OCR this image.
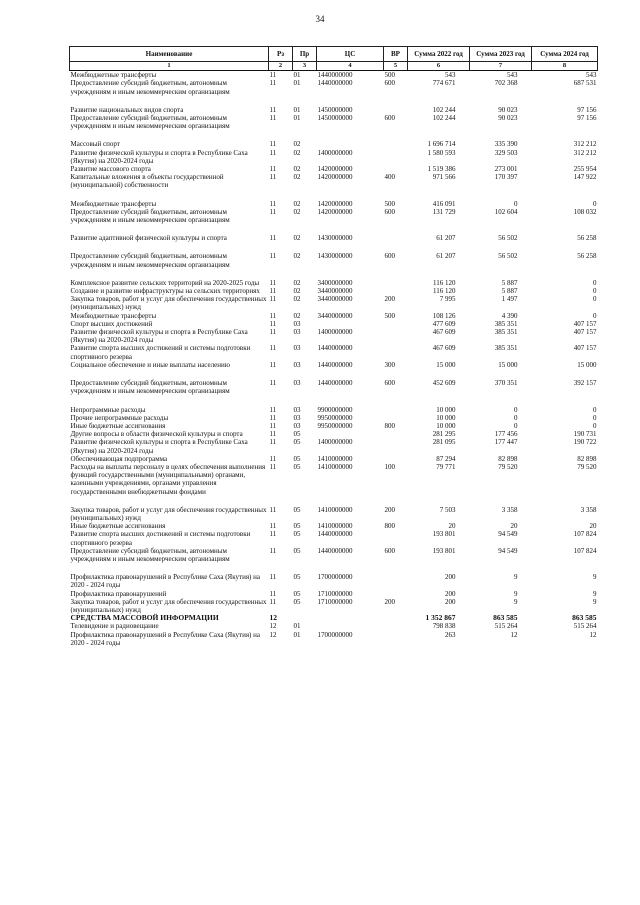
34
Наименование	Рз	Пр	ЦС	ВР	Сумма 2022 год	Сумма 2023 год	Сумма 2024 год
1	2	3	4	5	6	7	8
Межбюджетные трансферты	11	01	1440000000	500	543	543	543
Предоставление субсидий бюджетным, автономным учреждениям и иным некоммерческим организациям	11	01	1440000000	600	774 671	702 368	687 531

Развитие национальных видов спорта	11	01	1450000000		102 244	90 023	97 156
Предоставление субсидий бюджетным, автономным учреждениям и иным некоммерческим организациям	11	01	1450000000	600	102 244	90 023	97 156

Массовый спорт	11	02			1 696 714	335 390	312 212
Развитие физической культуры и спорта в Республике Саха (Якутия) на 2020-2024 годы	11	02	1400000000		1 580 593	329 503	312 212
Развитие массового спорта	11	02	1420000000		1 519 386	273 001	255 954
Капитальные вложения в объекты государственной (муниципальной) собственности	11	02	1420000000	400	971 566	170 397	147 922

Межбюджетные трансферты	11	02	1420000000	500	416 091	0	0
Предоставление субсидий бюджетным, автономным учреждениям и иным некоммерческим организациям	11	02	1420000000	600	131 729	102 604	108 032

Развитие адаптивной физической культуры и спорта	11	02	1430000000		61 207	56 502	56 258

Предоставление субсидий бюджетным, автономным учреждениям и иным некоммерческим организациям	11	02	1430000000	600	61 207	56 502	56 258

Комплексное развитие сельских территорий на 2020-2025 годы	11	02	3400000000		116 120	5 887	0
Создание и развитие инфраструктуры на сельских территориях	11	02	3440000000		116 120	5 887	0
Закупка товаров, работ и услуг для обеспечения государственных (муниципальных) нужд	11	02	3440000000	200	7 995	1 497	0
Межбюджетные трансферты	11	02	3440000000	500	108 126	4 390	0
Спорт высших достижений	11	03			477 609	385 351	407 157
Развитие физической культуры и спорта в Республике Саха (Якутия) на 2020-2024 годы	11	03	1400000000		467 609	385 351	407 157
Развитие спорта высших достижений и системы подготовки спортивного резерва	11	03	1440000000		467 609	385 351	407 157
Социальное обеспечение и иные выплаты населению	11	03	1440000000	300	15 000	15 000	15 000

Предоставление субсидий бюджетным, автономным учреждениям и иным некоммерческим организациям	11	03	1440000000	600	452 609	370 351	392 157

Непрограммные расходы	11	03	9900000000		10 000	0	0
Прочие непрограммные расходы	11	03	9950000000		10 000	0	0
Иные бюджетные ассигнования	11	03	9950000000	800	10 000	0	0
Другие вопросы в области физической культуры и спорта	11	05			281 295	177 456	190 731
Развитие физической культуры и спорта в Республике Саха (Якутия) на 2020-2024 годы	11	05	1400000000		281 095	177 447	190 722
Обеспечивающая подпрограмма	11	05	1410000000		87 294	82 898	82 898
Расходы на выплаты персоналу в целях обеспечения выполнения функций государственными (муниципальными) органами, казенными учреждениями, органами управления государственными внебюджетными фондами	11	05	1410000000	100	79 771	79 520	79 520

Закупка товаров, работ и услуг для обеспечения государственных (муниципальных) нужд	11	05	1410000000	200	7 503	3 358	3 358
Иные бюджетные ассигнования	11	05	1410000000	800	20	20	20
Развитие спорта высших достижений и системы подготовки спортивного резерва	11	05	1440000000		193 801	94 549	107 824
Предоставление субсидий бюджетным, автономным учреждениям и иным некоммерческим организациям	11	05	1440000000	600	193 801	94 549	107 824

Профилактика правонарушений в Республике Саха (Якутия) на 2020 - 2024 годы	11	05	1700000000		200	9	9
Профилактика правонарушений	11	05	1710000000		200	9	9
Закупка товаров, работ и услуг для обеспечения государственных (муниципальных) нужд	11	05	1710000000	200	200	9	9
СРЕДСТВА МАССОВОЙ ИНФОРМАЦИИ	12				1 352 867	863 585	863 585
Телевидение и радиовещание	12	01			798 838	515 264	515 264
Профилактика правонарушений в Республике Саха (Якутия) на 2020 - 2024 годы	12	01	1700000000		263	12	12
